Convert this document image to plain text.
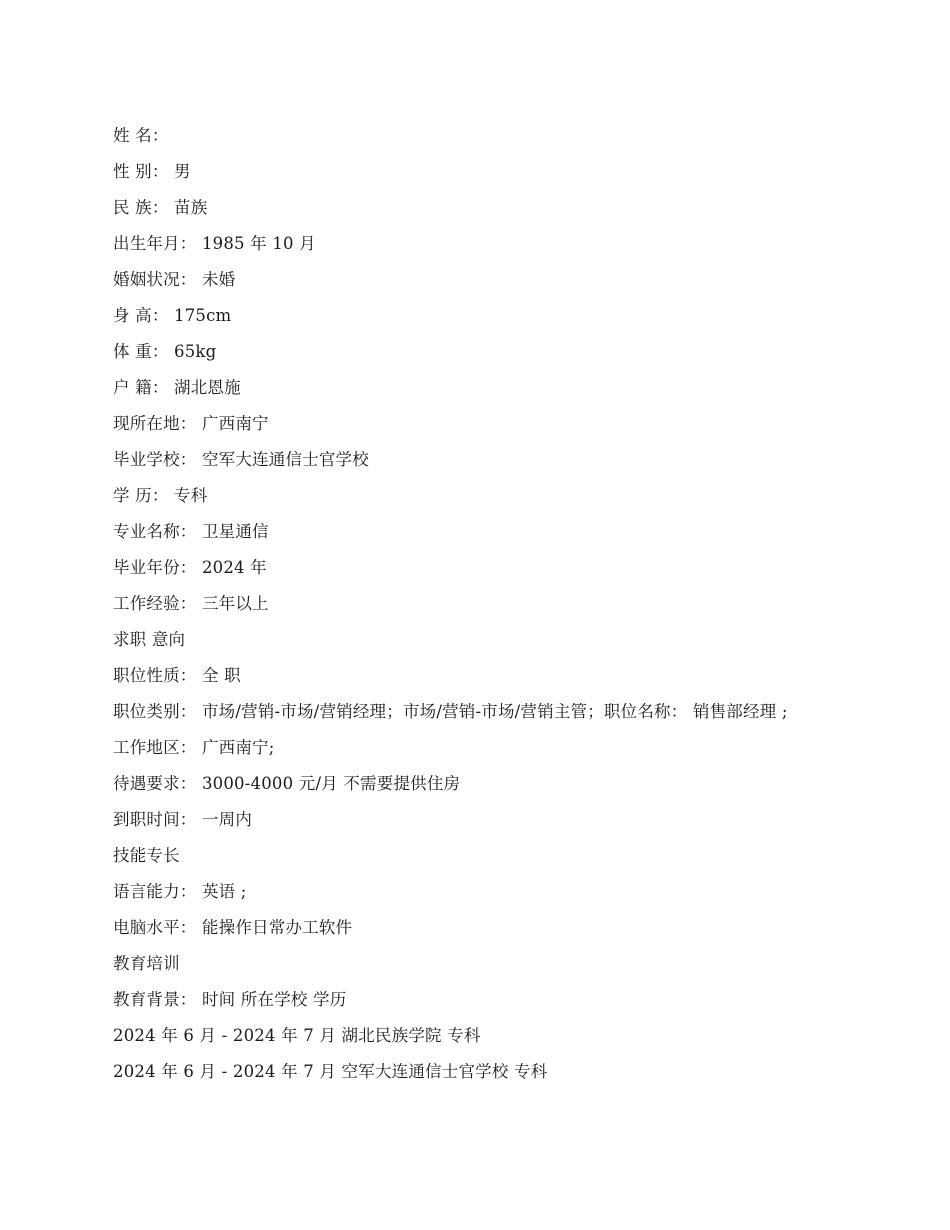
姓 名：
性 别： 男
民 族： 苗族
出生年月： 1985 年 10 月
婚姻状况： 未婚
身 高： 175cm
体 重： 65kg
户 籍： 湖北恩施
现所在地： 广西南宁
毕业学校： 空军大连通信士官学校
学 历： 专科
专业名称： 卫星通信
毕业年份： 2024 年
工作经验： 三年以上
求职 意向
职位性质： 全 职
职位类别： 市场/营销-市场/营销经理；市场/营销-市场/营销主管；职位名称： 销售部经理 ;
工作地区： 广西南宁;
待遇要求： 3000-4000 元/月 不需要提供住房
到职时间： 一周内
技能专长
语言能力： 英语 ;
电脑水平： 能操作日常办工软件
教育培训
教育背景： 时间 所在学校 学历
2024 年 6 月 - 2024 年 7 月 湖北民族学院 专科
2024 年 6 月 - 2024 年 7 月 空军大连通信士官学校 专科
